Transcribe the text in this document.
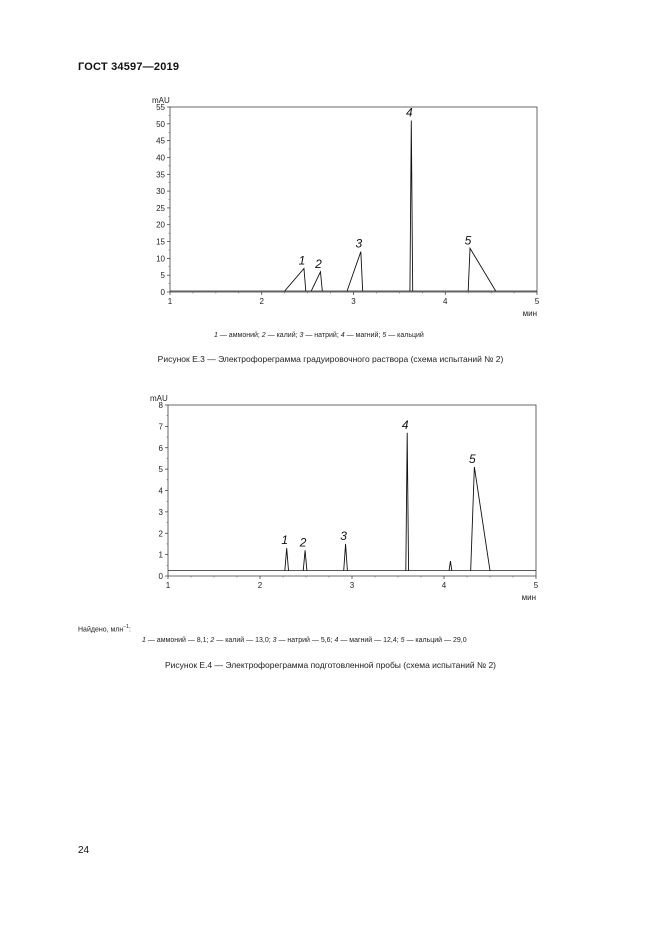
ГОСТ 34597—2019
0
5
10
15
20
25
30
35
40
45
50
55
1	2	3	4	5
mAU
мин
1 2
3
4
5
1 — аммоний; 2 — калий; 3 — натрий; 4 — магний; 5 — кальций
Рисунок Е.3 — Электрофореграмма градуировочного раствора (схема испытаний № 2)
0
1
2
3
4
5
6
7
8
1	2	3	4	5
mAU
мин
1 2	3
4
5
Найдено, млн$^{-1}$:
1 — аммоний — 8,1; 2 — калий — 13,0; 3 — натрий — 5,6; 4 — магний — 12,4; 5 — кальций — 29,0
Рисунок Е.4 — Электрофореграмма подготовленной пробы (схема испытаний № 2)
24
